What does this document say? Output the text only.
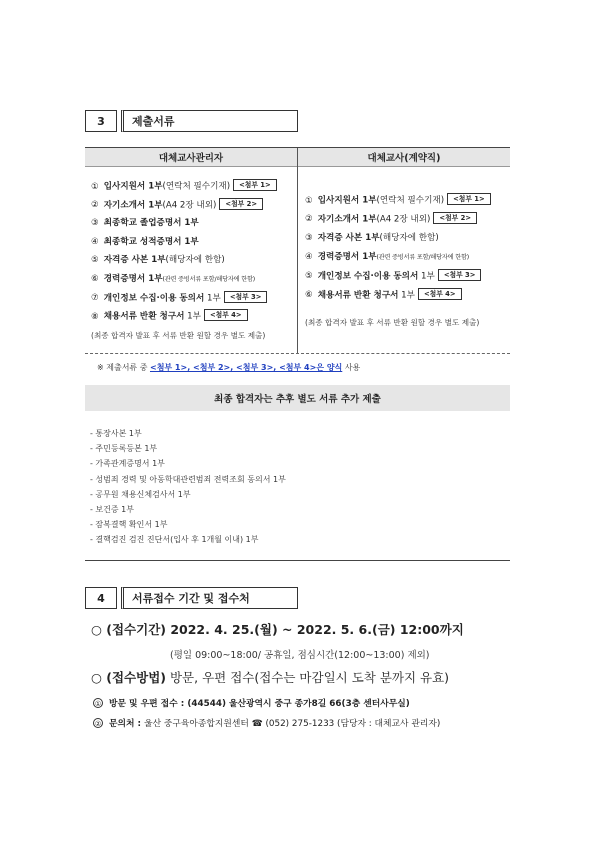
3	제출서류
대체교사관리자	대체교사(계약직)
① 입사지원서 1부(연락처 필수기재) <첨부 1>
② 자기소개서 1부(A4 2장 내외) <첨부 2>
③ 최종학교 졸업증명서 1부
④ 최종학교 성적증명서 1부
⑤ 자격증 사본 1부(해당자에 한함)
⑥ 경력증명서 1부(관련 증빙서류 포함/해당자에 한함)
⑦ 개인정보 수집·이용 동의서 1부 <첨부 3>
⑧ 채용서류 반환 청구서 1부 <첨부 4>
(최종 합격자 발표 후 서류 반환 원할 경우 별도 제출)
① 입사지원서 1부(연락처 필수기재) <첨부 1>
② 자기소개서 1부(A4 2장 내외) <첨부 2>
③ 자격증 사본 1부(해당자에 한함)
④ 경력증명서 1부(관련 증빙서류 포함/해당자에 한함)
⑤ 개인정보 수집·이용 동의서 1부 <첨부 3>
⑥ 채용서류 반환 청구서 1부 <첨부 4>
(최종 합격자 발표 후 서류 반환 원할 경우 별도 제출)
※ 제출서류 중 <첨부 1>, <첨부 2>, <첨부 3>, <첨부 4>은 양식 사용
최종 합격자는 추후 별도 서류 추가 제출
- 통장사본 1부
- 주민등록등본 1부
- 가족관계증명서 1부
- 성범죄 경력 및 아동학대관련범죄 전력조회 동의서 1부
- 공무원 채용신체검사서 1부
- 보건증 1부
- 잠복결핵 확인서 1부
- 결핵검진 검진 진단서(입사 후 1개월 이내) 1부
4	서류접수 기간 및 접수처
○ (접수기간) 2022. 4. 25.(월) ~ 2022. 5. 6.(금) 12:00까지
(평일 09:00~18:00/ 공휴일, 점심시간(12:00~13:00) 제외)
○ (접수방법) 방문, 우편 접수(접수는 마감일시 도착 분까지 유효)
① 방문 및 우편 접수 : (44544) 울산광역시 중구 종가8길 66(3층 센터사무실)
② 문의처 : 울산 중구육아종합지원센터 ☎ (052) 275-1233 (담당자 : 대체교사 관리자)
